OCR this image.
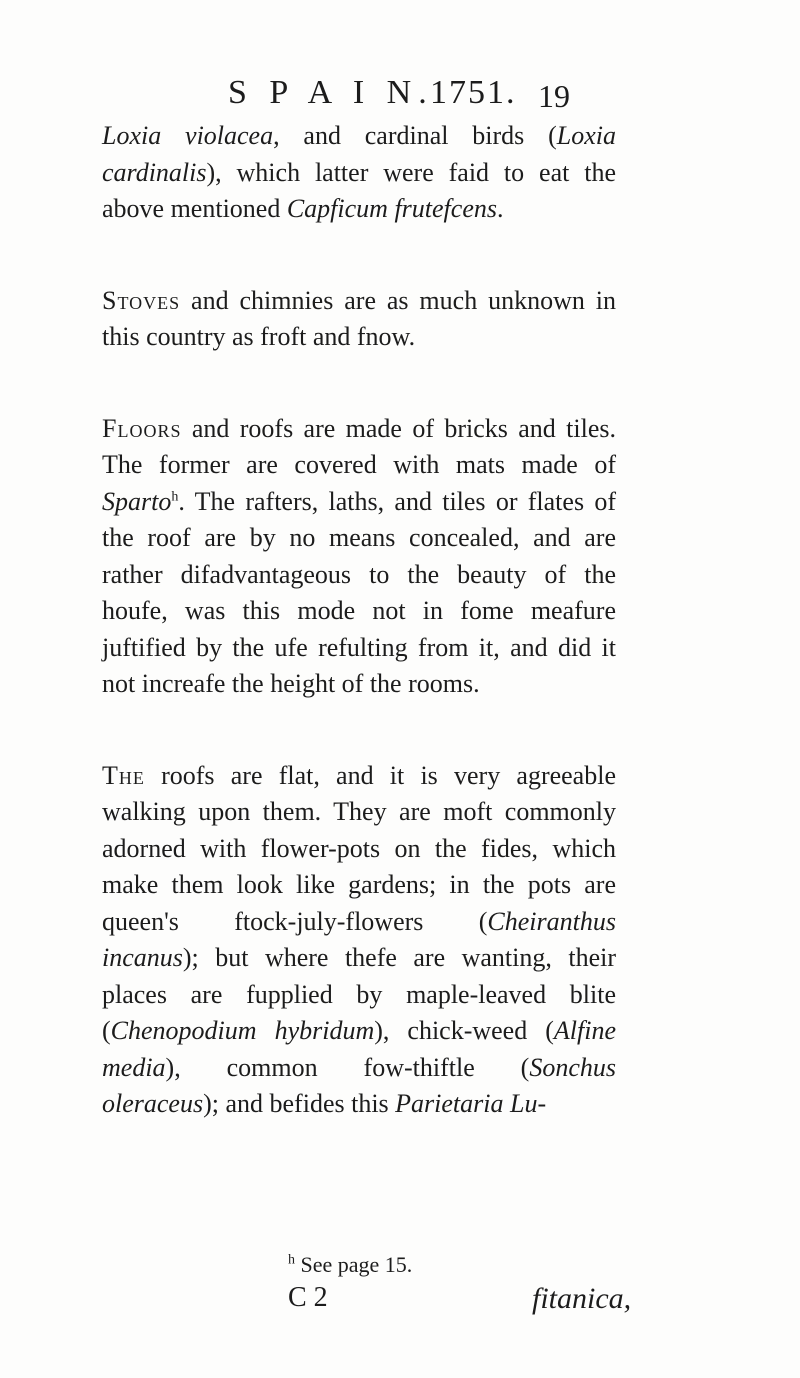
S P A I N.
1751. 19

Loxia violacea, and cardinal birds (Loxia cardinalis), which latter were faid to eat the above mentioned Capficum frutefcens.

Stoves and chimnies are as much unknown in this country as froft and fnow.

Floors and roofs are made of bricks and tiles. The former are covered with mats made of Sparto$^h$. The rafters, laths, and tiles or flates of the roof are by no means concealed, and are rather difadvantageous to the beauty of the houfe, was this mode not in fome meafure juftified by the ufe refulting from it, and did it not increafe the height of the rooms.

The roofs are flat, and it is very agreeable walking upon them. They are moft commonly adorned with flower-pots on the fides, which make them look like gardens; in the pots are queen's ftock-july-flowers (Cheiranthus incanus); but where thefe are wanting, their places are fupplied by maple-leaved blite (Chenopodium hybridum), chick-weed (Alfine media), common fow-thiftle (Sonchus oleraceus); and befides this Parietaria Lu-

$^h$ See page 15.
C 2	fitanica,
